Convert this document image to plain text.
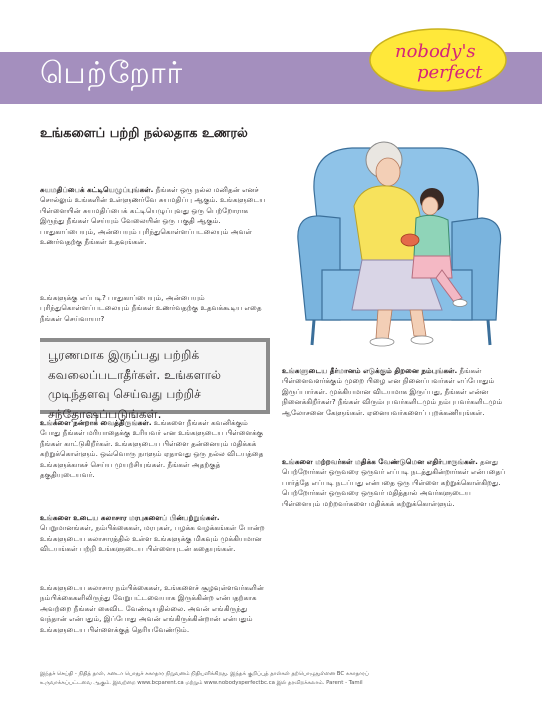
பெற்றோர்
nobody's
perfect
உங்களைப் பற்றி நல்லதாக உணரல்

சுயமதிப்பைக் கட்டியெழுப்புங்கள். நீங்கள் ஒரு நல்ல மனிதன் எனச் சொல்லும் உங்களின் உள்ளுணர்வே சுயமதிப்பு ஆகும். உங்களுடைய பிள்ளையின் சுயமதிப்பைக் கட்டியெழுப்புவது ஒரு பெற்றோராக இருந்து நீங்கள் செய்யும் வேலையின் ஒரு பகுதி ஆகும். பாதுகாப்பையும், அன்பையும் புரிந்துகொள்ளப்படலையும் அவள் உணர்வதற்கு நீங்கள் உதவுங்கள்.

உங்களுக்கு எப்படி? பாதுகாப்பையும், அன்பையும் புரிந்துகொள்ளப்படலையும் நீங்கள் உணர்வதற்கு உதவக்கூடிய எதை நீங்கள் செய்வாயா?

பூரணமாக இருப்பது பற்றிக் கவலைப்படாதீர்கள். உங்களால் முடிந்தளவு செய்வது பற்றிச் சந்தோஷப்படுங்கள்.

உங்களை நன்றாக வைத்திருங்கள். உங்களை நீங்கள் கவனிக்கும் போது நீங்கள் மரியாதைக்கு உரியவர் என உங்களுடைய பிள்ளைக்கு நீங்கள் காட்டுகிறீர்கள். உங்களுடைய பிள்ளை தன்னையும் மதிக்கக் கற்றுக்கொள்ளும். ஒவ்வொரு நாளும் ஏதாவது ஒரு நல்ல விடயத்தை உங்களுக்காகச் செய்ய முயற்சியுங்கள். நீங்கள் அதற்குத் தகுதியுடையவர்.

உங்களை உடைய கலாசார மரபுகளைப் பின்பற்றுங்கள். பெறுமானங்கள், நம்பிக்கைகள், மரபுகள், பழக்க வழக்கங்கள் போன்ற உங்களுடைய கலாசாரத்தில் உள்ள உங்களுக்கு மிகவும் முக்கியமான விடயங்கள் பற்றி உங்களுடைய பிள்ளையுடன் கதையுங்கள்.

உங்களுடைய கலாசார நம்பிக்கைகள், உங்களைச் சூழவுள்ளவர்களின் நம்பிக்கைகளிலிருந்து வேறுபட்டவையாக இருக்கின்ற என்பதற்காக அவற்றை நீங்கள் கைவிட வேண்டியதில்லை. அவன் எங்கிருந்து வந்தான் என்பதும், இப்போது அவன் எங்கிருக்கின்றான் என்பதும் உங்களுடைய பிள்ளைக்குத் தெரியவேண்டும்.

உங்களுடைய தீர்மானம் எடுக்கும் திறனை நம்புங்கள். நீங்கள் பிள்ளைவளர்க்கும் முறை பிழை என நினைப்பவர்கள் எப்போதும் இருப்பார்கள். முக்கியமான விடயமாக இருப்பது, நீங்கள் என்ன நினைக்கிறீர்கள்? நீங்கள் விரும்புபவர்களிடமும் நம்புபவர்களிடமும் ஆலோசனை கேளுங்கள். ஏனையவர்களைப் புறக்கணியுங்கள்.

உங்களை மற்றவர்கள் மதிக்க வேண்டுமென எதிர்பாருங்கள். தனது பெற்றோர்கள் ஒருவரை ஒருவர் எப்படி நடத்துகின்றார்கள் என்பதைப் பார்த்தே எப்படி நடப்பது என்பதை ஒரு பிள்ளை கற்றுக்கொள்கிறது. பெற்றோர்கள் ஒருவரை ஒருவர் மதித்தால் அவர்களுடைய பிள்ளையும் மற்றவர்களை மதிக்கக் கற்றுக்கொள்ளும்.

இந்தச் செய்தி - நிதித் தாள், கனடா பொதுச் சுகாதார நிறுவனம் நிதியளிக்கிறது. இந்தக் குறிப்புத் தாள்கள் தற்பொழுதுள்ளன BC சுகாதாரப்
உருவாக்கப்பட்டவை ஆகும். இவற்றை www.bcparent.ca மற்றும் www.nobodysperfectbc.ca இல் தரவிறக்கலாம். Parent - Tamil
